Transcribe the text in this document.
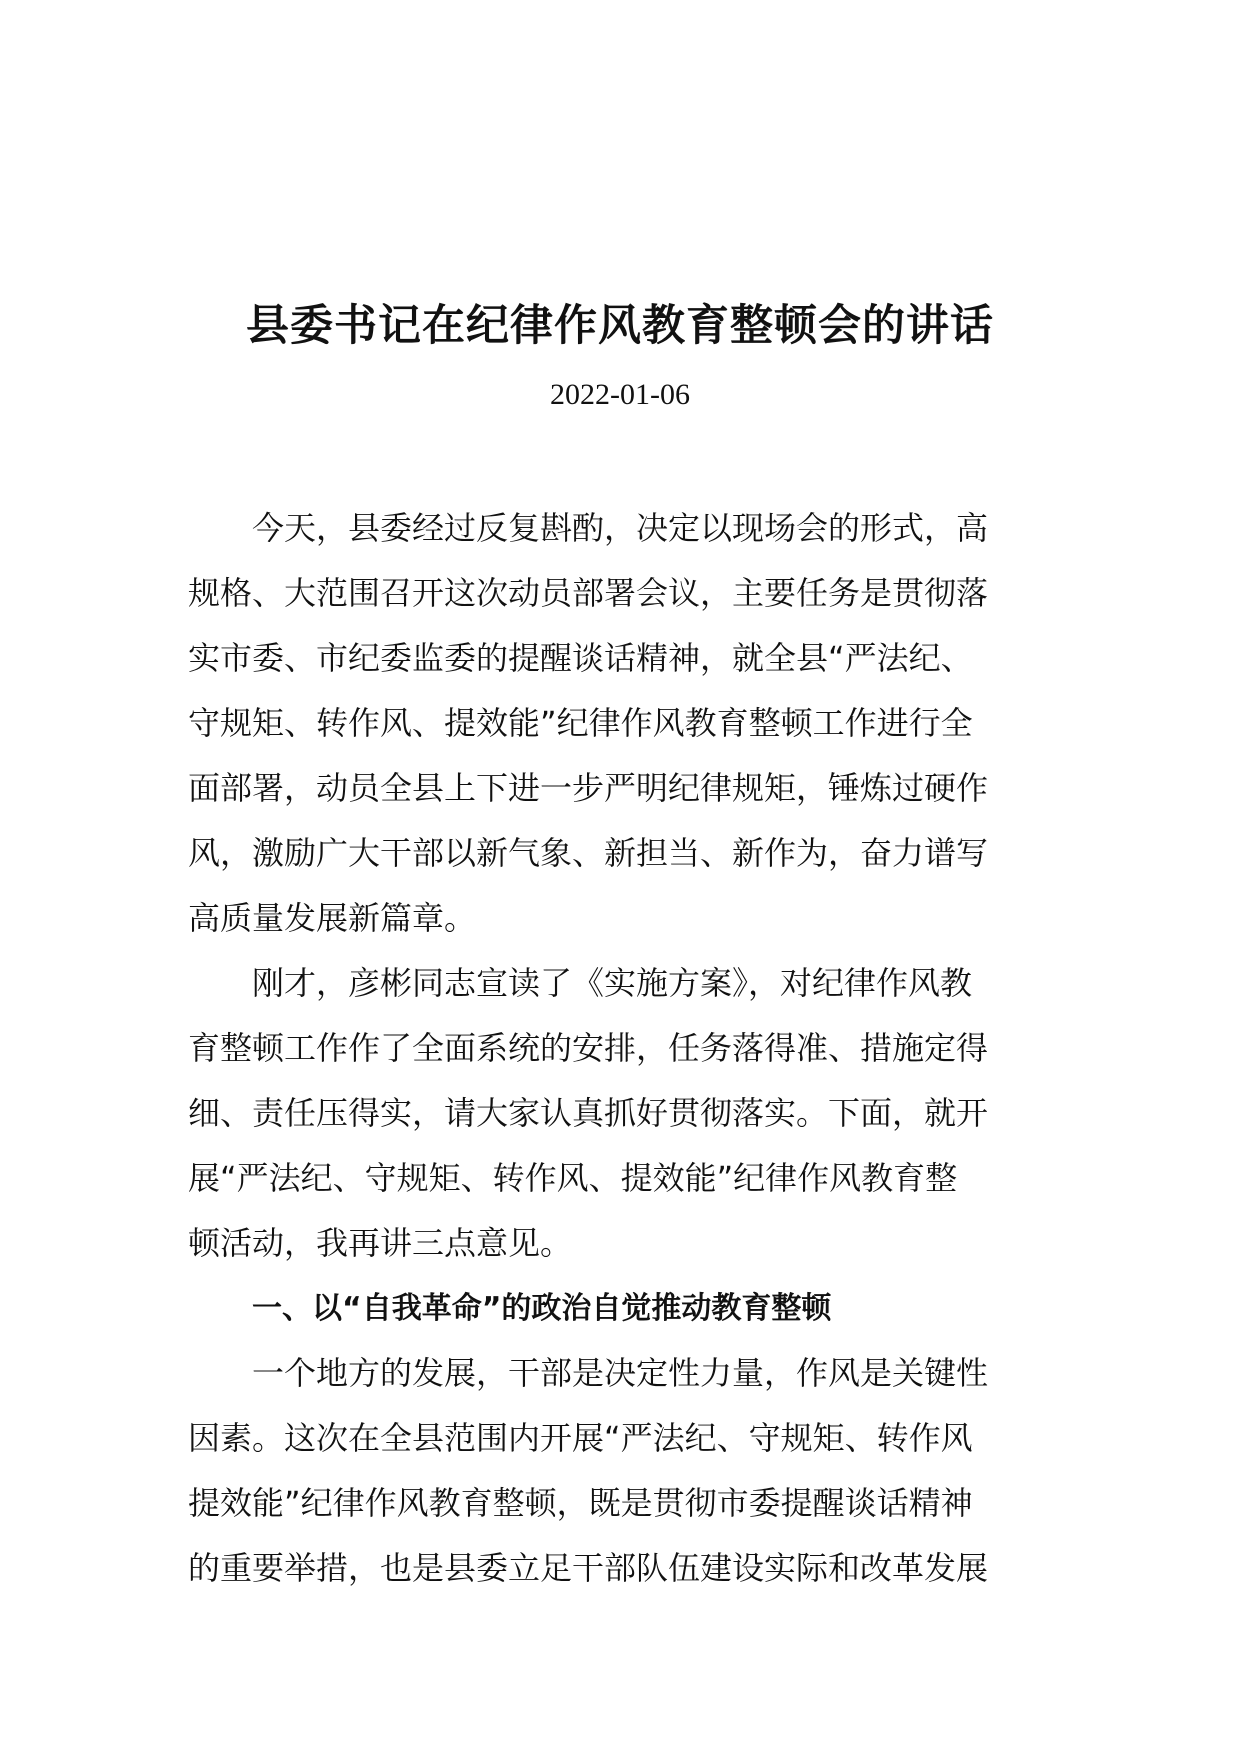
县委书记在纪律作风教育整顿会的讲话
2022-01-06
今天，县委经过反复斟酌，决定以现场会的形式，高
规格、大范围召开这次动员部署会议，主要任务是贯彻落
实市委、市纪委监委的提醒谈话精神，就全县“严法纪、
守规矩、转作风、提效能”纪律作风教育整顿工作进行全
面部署，动员全县上下进一步严明纪律规矩，锤炼过硬作
风，激励广大干部以新气象、新担当、新作为，奋力谱写
高质量发展新篇章。
刚才，彦彬同志宣读了《实施方案》，对纪律作风教
育整顿工作作了全面系统的安排，任务落得准、措施定得
细、责任压得实，请大家认真抓好贯彻落实。下面，就开
展“严法纪、守规矩、转作风、提效能”纪律作风教育整
顿活动，我再讲三点意见。
一、以“自我革命”的政治自觉推动教育整顿
一个地方的发展，干部是决定性力量，作风是关键性
因素。这次在全县范围内开展“严法纪、守规矩、转作风
提效能”纪律作风教育整顿，既是贯彻市委提醒谈话精神
的重要举措，也是县委立足干部队伍建设实际和改革发展
